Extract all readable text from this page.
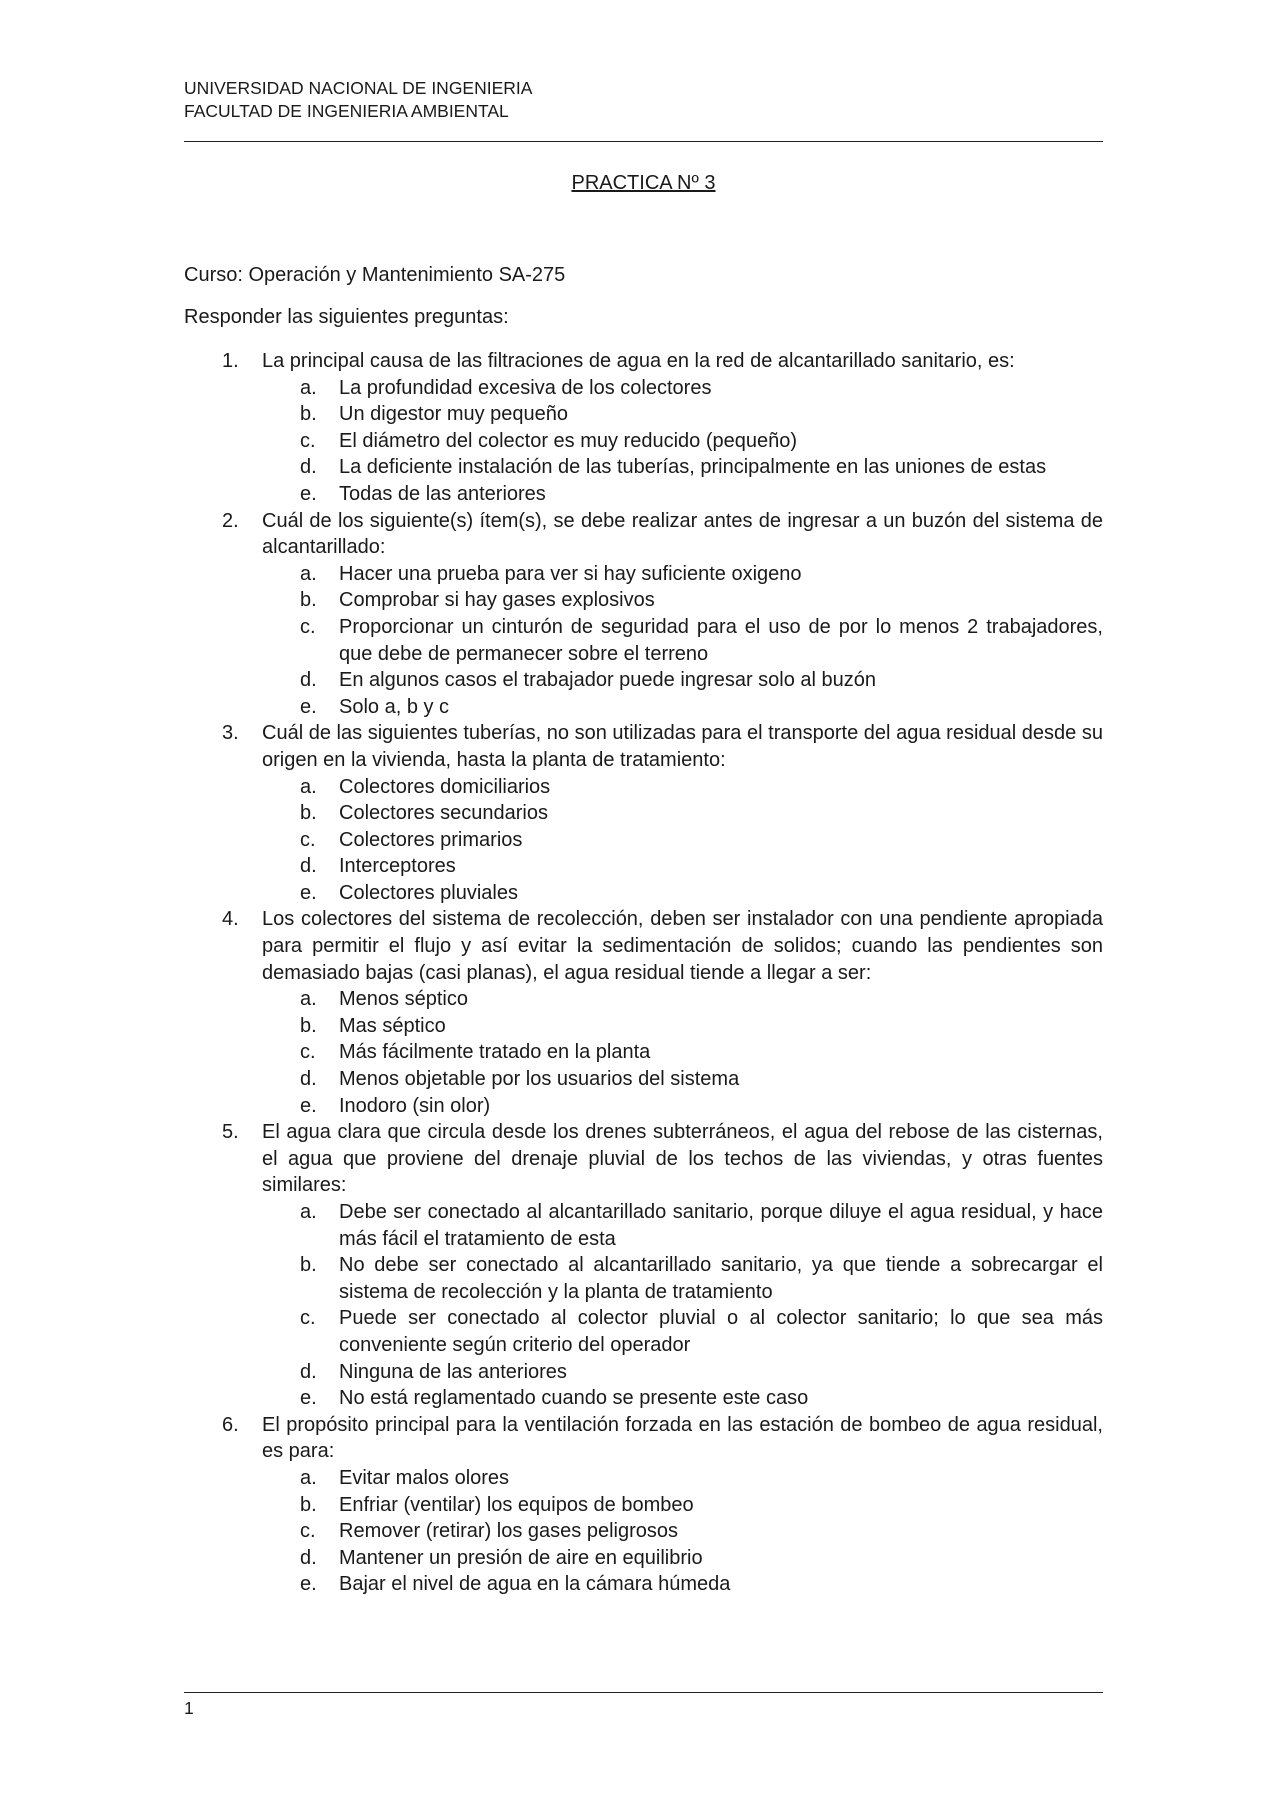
UNIVERSIDAD NACIONAL DE INGENIERIA
FACULTAD DE INGENIERIA AMBIENTAL
PRACTICA Nº 3
Curso: Operación y Mantenimiento SA-275
Responder las siguientes preguntas:
1. La principal causa de las filtraciones de agua en la red de alcantarillado sanitario, es:
a. La profundidad excesiva de los colectores
b. Un digestor muy pequeño
c. El diámetro del colector es muy reducido (pequeño)
d. La deficiente instalación de las tuberías, principalmente en las uniones de estas
e. Todas de las anteriores
2. Cuál de los siguiente(s) ítem(s), se debe realizar antes de ingresar a un buzón del sistema de alcantarillado:
a. Hacer una prueba para ver si hay suficiente oxigeno
b. Comprobar si hay gases explosivos
c. Proporcionar un cinturón de seguridad para el uso de por lo menos 2 trabajadores, que debe de permanecer sobre el terreno
d. En algunos casos el trabajador puede ingresar solo al buzón
e. Solo a, b y c
3. Cuál de las siguientes tuberías, no son utilizadas para el transporte del agua residual desde su origen en la vivienda, hasta la planta de tratamiento:
a. Colectores domiciliarios
b. Colectores secundarios
c. Colectores primarios
d. Interceptores
e. Colectores pluviales
4. Los colectores del sistema de recolección, deben ser instalador con una pendiente apropiada para permitir el flujo y así evitar la sedimentación de solidos; cuando las pendientes son demasiado bajas (casi planas), el agua residual tiende a llegar a ser:
a. Menos séptico
b. Mas séptico
c. Más fácilmente tratado en la planta
d. Menos objetable por los usuarios del sistema
e. Inodoro (sin olor)
5. El agua clara que circula desde los drenes subterráneos, el agua del rebose de las cisternas, el agua que proviene del drenaje pluvial de los techos de las viviendas, y otras fuentes similares:
a. Debe ser conectado al alcantarillado sanitario, porque diluye el agua residual, y hace más fácil el tratamiento de esta
b. No debe ser conectado al alcantarillado sanitario, ya que tiende a sobrecargar el sistema de recolección y la planta de tratamiento
c. Puede ser conectado al colector pluvial o al colector sanitario; lo que sea más conveniente según criterio del operador
d. Ninguna de las anteriores
e. No está reglamentado cuando se presente este caso
6. El propósito principal para la ventilación forzada en las estación de bombeo de agua residual, es para:
a. Evitar malos olores
b. Enfriar (ventilar) los equipos de bombeo
c. Remover (retirar) los gases peligrosos
d. Mantener un presión de aire en equilibrio
e. Bajar el nivel de agua en la cámara húmeda
1
